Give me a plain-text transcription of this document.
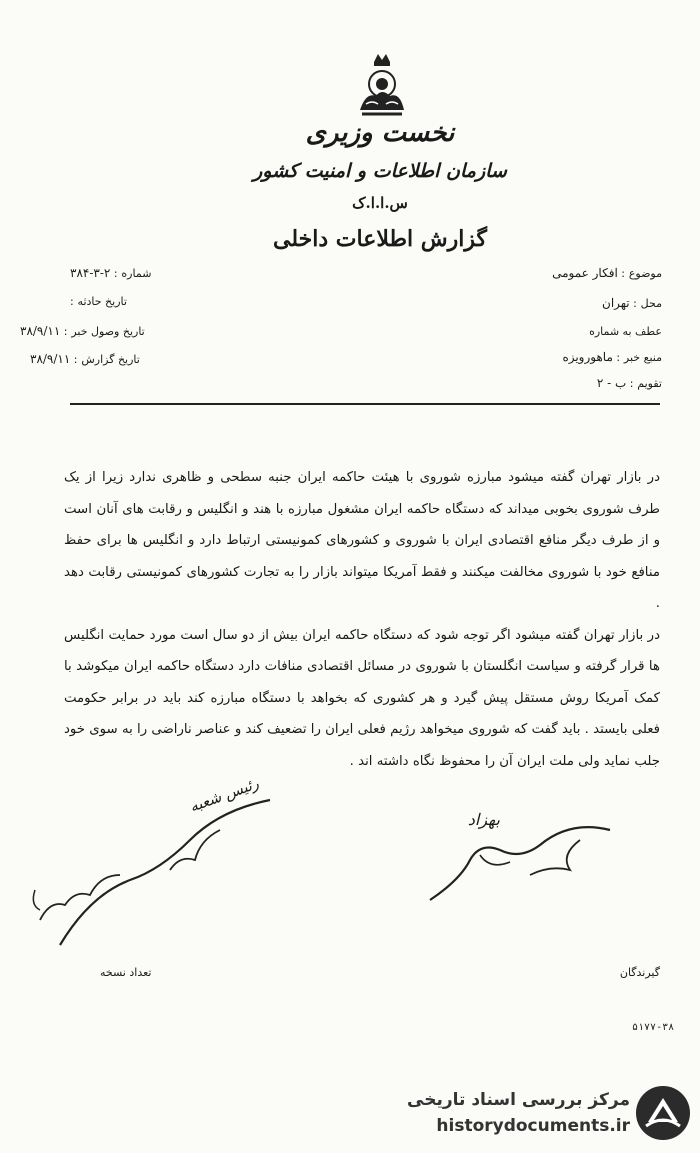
نخست وزیری
سازمان اطلاعات و امنیت کشور
س.ا.ا.ک
گزارش اطلاعات داخلی
موضوع : افکار عمومی
محل : تهران
عطف به شماره
منبع خبر : ماهورویزه
تقویم : ب - ۲
شماره : ۲-۳-۳۸۴
تاریخ حادثه :
تاریخ وصول خبر : ۳۸/۹/۱۱
تاریخ گزارش : ۳۸/۹/۱۱

در بازار تهران گفته میشود مبارزه شوروی با هیئت حاکمه ایران جنبه سطحی و ظاهری ندارد زیرا از یک طرف شوروی بخوبی میداند که دستگاه حاکمه ایران مشغول مبارزه با هند و انگلیس و رقابت های آنان است و از طرف دیگر منافع اقتصادی ایران با شوروی و کشورهای کمونیستی ارتباط دارد و انگلیس ها برای حفظ منافع خود با شوروی مخالفت میکنند و فقط آمریکا میتواند بازار را به تجارت کشورهای کمونیستی رقابت دهد .

در بازار تهران گفته میشود اگر توجه شود که دستگاه حاکمه ایران بیش از دو سال است مورد حمایت انگلیس ها قرار گرفته و سیاست انگلستان با شوروی در مسائل اقتصادی منافات دارد دستگاه حاکمه ایران میکوشد با کمک آمریکا روش مستقل پیش گیرد و هر کشوری که بخواهد با دستگاه مبارزه کند باید در برابر حکومت فعلی بایستد . باید گفت که شوروی میخواهد رژیم فعلی ایران را تضعیف کند و عناصر ناراضی را به سوی خود جلب نماید ولی ملت ایران آن را محفوظ نگاه داشته اند .

بهزاد
رئیس شعبه
گیرندگان
تعداد نسخه
۵۱۷۷-۳۸
مرکز بررسی اسناد تاریخی
historydocuments.ir
